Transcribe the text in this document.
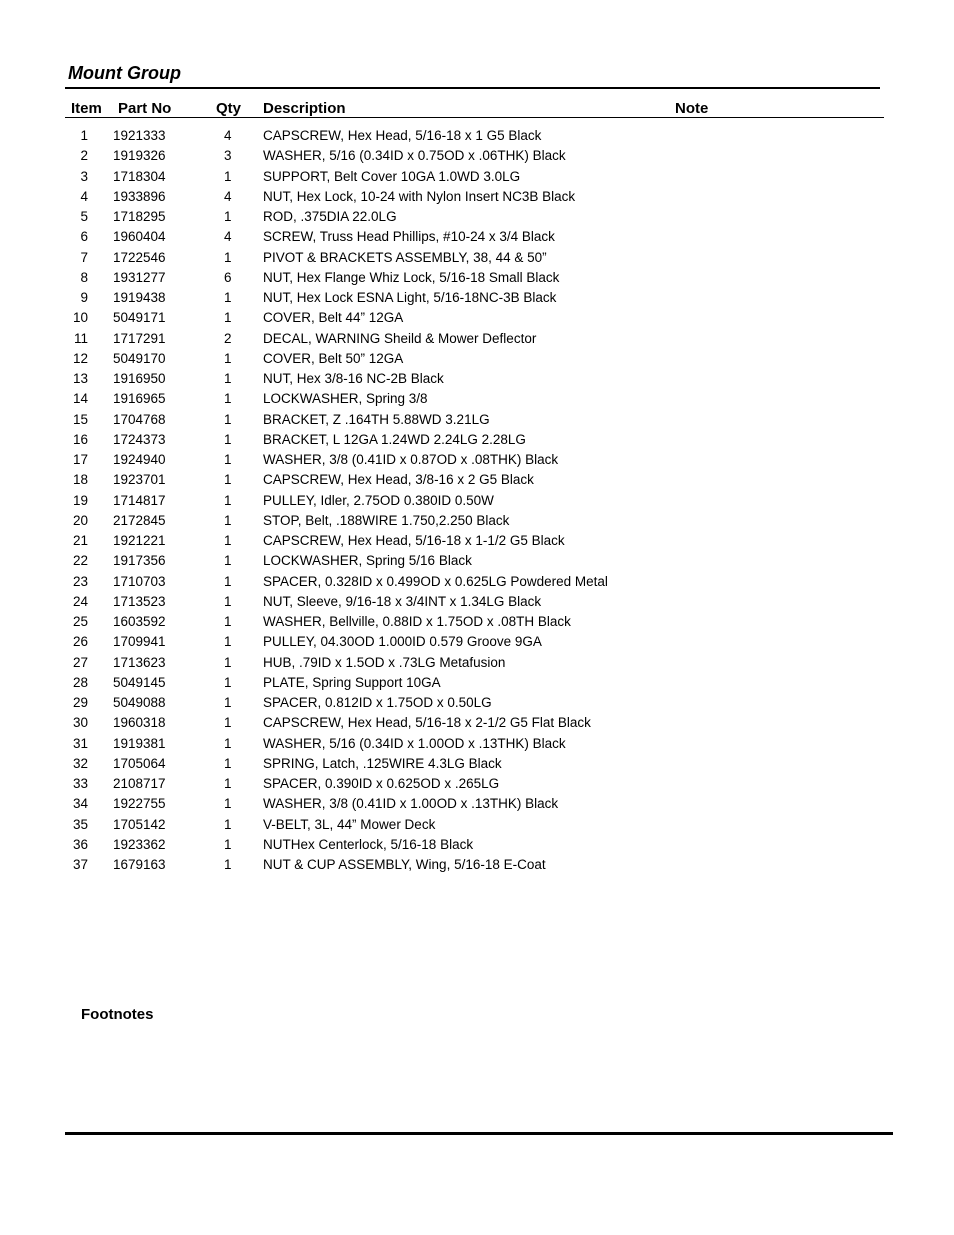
Mount Group
Item Part No	Qty Description	Note
1 1921333	4 CAPSCREW, Hex Head, 5/16-18 x 1 G5 Black
2 1919326	3 WASHER, 5/16 (0.34ID x 0.75OD x .06THK) Black
3 1718304	1 SUPPORT, Belt Cover 10GA 1.0WD 3.0LG
4 1933896	4 NUT, Hex Lock, 10-24 with Nylon Insert NC3B Black
5 1718295	1 ROD, .375DIA 22.0LG
6 1960404	4 SCREW, Truss Head Phillips, #10-24 x 3/4 Black
7 1722546	1 PIVOT & BRACKETS ASSEMBLY, 38, 44 & 50”
8 1931277	6 NUT, Hex Flange Whiz Lock, 5/16-18 Small Black
9 1919438	1 NUT, Hex Lock ESNA Light, 5/16-18NC-3B Black
10 5049171	1 COVER, Belt 44” 12GA
11 1717291	2 DECAL, WARNING Sheild & Mower Deflector
12 5049170	1 COVER, Belt 50” 12GA
13 1916950	1 NUT, Hex 3/8-16 NC-2B Black
14 1916965	1 LOCKWASHER, Spring 3/8
15 1704768	1 BRACKET, Z .164TH 5.88WD 3.21LG
16 1724373	1 BRACKET, L 12GA 1.24WD 2.24LG 2.28LG
17 1924940	1 WASHER, 3/8 (0.41ID x 0.87OD x .08THK) Black
18 1923701	1 CAPSCREW, Hex Head, 3/8-16 x 2 G5 Black
19 1714817	1 PULLEY, Idler, 2.75OD 0.380ID 0.50W
20 2172845	1 STOP, Belt, .188WIRE 1.750,2.250 Black
21 1921221	1 CAPSCREW, Hex Head, 5/16-18 x 1-1/2 G5 Black
22 1917356	1 LOCKWASHER, Spring 5/16 Black
23 1710703	1 SPACER, 0.328ID x 0.499OD x 0.625LG Powdered Metal
24 1713523	1 NUT, Sleeve, 9/16-18 x 3/4INT x 1.34LG Black
25 1603592	1 WASHER, Bellville, 0.88ID x 1.75OD x .08TH Black
26 1709941	1 PULLEY, 04.30OD 1.000ID 0.579 Groove 9GA
27 1713623	1 HUB, .79ID x 1.5OD x .73LG Metafusion
28 5049145	1 PLATE, Spring Support 10GA
29 5049088	1 SPACER, 0.812ID x 1.75OD x 0.50LG
30 1960318	1 CAPSCREW, Hex Head, 5/16-18 x 2-1/2 G5 Flat Black
31 1919381	1 WASHER, 5/16 (0.34ID x 1.00OD x .13THK) Black
32 1705064	1 SPRING, Latch, .125WIRE 4.3LG Black
33 2108717	1 SPACER, 0.390ID x 0.625OD x .265LG
34 1922755	1 WASHER, 3/8 (0.41ID x 1.00OD x .13THK) Black
35 1705142	1 V-BELT, 3L, 44” Mower Deck
36 1923362	1 NUTHex Centerlock, 5/16-18 Black
37 1679163	1 NUT & CUP ASSEMBLY, Wing, 5/16-18 E-Coat
Footnotes
